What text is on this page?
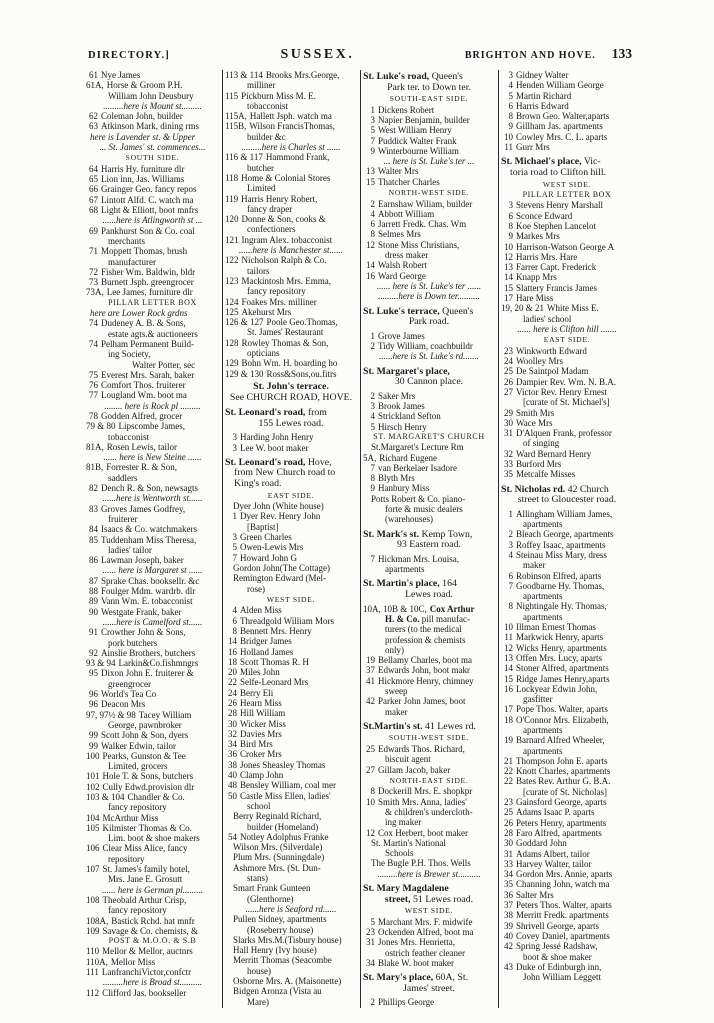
DIRECTORY.]	SUSSEX.	BRIGHTON AND HOVE. 133
61 Nye James
61A, Horse & Groom P.H.
William John Deusbury
.........here is Mount st.........
62 Coleman John, builder
63 Atkinson Mark, dining rms
here is Lavender st. & Upper
... St. James' st. commences...
SOUTH SIDE.
64 Harris Hy. furniture dlr
65 Lion inn, Jas. Williams
66 Grainger Geo. fancy repos
67 Lintott Alfd. C. watch ma
68 Light & Elliott, boot mnfrs
......here is Atlingworth st ...
69 Pankhurst Son & Co. coal
merchants
71 Moppett Thomas, brush
manufacturer
72 Fisher Wm. Baldwin, bldr
73 Burnett Jsph. greengrocer
73A, Lee James, furniture dlr
PILLAR LETTER BOX
here are Lower Rock grdns
74 Dudeney A. B. & Sons,
estate agts.& auctioneers
74 Pelham Permanent Build-
ing Society,
Walter Potter, sec
75 Everest Mrs. Sarah, baker
76 Comfort Thos. fruiterer
77 Lougland Wm. boot ma
........ here is Rock pl .........
78 Godden Alfred, grocer
79 & 80 Lipscombe James,
tobacconist
81A, Rosen Lewis, tailor
...... here is New Steine ......
81B, Forrester R. & Son,
saddlers
82 Dench R. & Son, newsagts
......here is Wentworth st......
83 Groves James Godfrey,
fruiterer
84 Isaacs & Co. watchmakers
85 Tuddenham Miss Theresa,
ladies' tailor
86 Lawman Joseph, baker
...... here is Margaret st ......
87 Sprake Chas. booksellr. &c
88 Foulger Mdm. wardrb. dlr
89 Vann Wm. E. tobacconist
90 Westgate Frank, baker
......here is Camelford st......
91 Crowther John & Sons,
pork butchers
92 Ainslie Brothers, butchers
93 & 94 Larkin&Co.fishmngrs
95 Dixon John E. fruiterer &
greengrocer
96 World's Tea Co
96 Deacon Mrs
97, 97½ & 98 Tacey William
George, pawnbroker
99 Scott John & Son, dyers
99 Walker Edwin, tailor
100 Pearks, Gunston & Tee
Limited, grocers
101 Hole T. & Sons, butchers
102 Cully Edwd.provision dlr
103 & 104 Chandler & Co.
fancy repository
104 McArthur Miss
105 Kilmister Thomas & Co.
Lim. boot & shoe makers
106 Clear Miss Alice, fancy
repository
107 St. James's family hotel,
Mrs. Jane E. Grosutt
...... here is German pl.........
108 Theobald Arthur Crisp,
fancy repository
108A, Bastick Rchd. hat mnfr
109 Savage & Co. chemists, &
POST & M.O.O. & S.B
110 Mellor & Mellor, auctnrs
110A, Mellor Miss
111 LanfranchiVictor,confctr
.........here is Broad st..........
112 Clifford Jas. bookseller
113 & 114 Brooks Mrs.George,
milliner
115 Pickburn Miss M. E.
tobacconist
115A, Hallett Jsph. watch ma
115B, Wilson FrancisThomas,
builder &c
.........here is Charles st ......
116 & 117 Hammond Frank,
butcher
118 Home & Colonial Stores
Limited
119 Harris Henry Robert,
fancy draper
120 Donne & Son, cooks &
confectioners
121 Ingram Alex. tobacconist
......here is Manchester st......
122 Nicholson Ralph & Co.
tailors
123 Mackintosh Mrs. Emma,
fancy repository
124 Foakes Mrs. milliner
125 Akehurst Mrs
126 & 127 Poole Geo.Thomas,
St. James' Restaurant
128 Rowley Thomas & Son,
opticians
129 Bohn Wm. H. boarding ho
129 & 130 Ross&Sons,ou.fitrs
St. John's terrace.
See CHURCH ROAD, HOVE.
St. Leonard's road, from
155 Lewes road.
3 Harding John Henry
3 Lee W. boot maker
St. Leonard's road, Hove,
from New Church road to
King's road.
EAST SIDE.
Dyer John (White house)
1 Dyer Rev. Henry John
[Baptist]
3 Green Charles
5 Owen-Lewis Mrs
7 Howard John G
Gordon John(The Cottage)
Remington Edward (Mel-
rose)
WEST SIDE.
4 Alden Miss
6 Threadgold William Mors
8 Bennett Mrs. Henry
14 Bridger James
16 Holland James
18 Scott Thomas R. H
20 Miles John
22 Selfe-Leonard Mrs
24 Berry Eli
26 Hearn Miss
28 Hill William
30 Wicker Miss
32 Davies Mrs
34 Bird Mrs
36 Croker Mrs
38 Jones Sheasley Thomas
40 Clamp John
48 Bensley William, coal mer
50 Castle Miss Ellen, ladies'
school
Berry Reginald Richard,
builder (Homeland)
54 Notley Adolphus Franke
Wilson Mrs. (Silverdale)
Plum Mrs. (Sunningdale)
Ashmore Mrs. (St. Dun-
stans)
Smart Frank Gunteen
(Glenthorne)
......here is Seaford rd......
Pullen Sidney, apartments
(Roseberry house)
Slarks Mrs.M.(Tisbury house)
Hall Henry (Ivy house)
Merritt Thomas (Seacombe
house)
Osborne Mrs. A. (Maisonette)
Bidgen Aronza (Vista au
Mare)
St. Luke's road, Queen's
Park ter. to Down ter.
SOUTH-EAST SIDE.
1 Dickens Robert
3 Napier Benjamin, builder
5 West William Henry
7 Puddick Walter Frank
9 Winterbourne William
... here is St. Luke's ter ...
13 Walter Mrs
15 Thatcher Charles
NORTH-WEST SIDE.
2 Earnshaw Wiliam, builder
4 Abbott William
6 Jarrett Fredk. Chas. Wm
8 Selmes Mrs
12 Stone Miss Christians,
dress maker
14 Walsh Robert
16 Ward George
...... here is St. Luke's ter ......
.........here is Down ter..........
St. Luke's terrace, Queen's
Park road.
1 Grove James
2 Tidy William, coachbuildr
......here is St. Luke's rd.......
St. Margaret's place,
30 Cannon place.
2 Saker Mrs
3 Brook James
4 Strickland Sefton
5 Hirsch Henry
ST. MARGARET'S CHURCH
St.Margaret's Lecture Rm
5A, Richard Eugene
7 van Berkelaer Isadore
8 Blyth Mrs
9 Hanbury Miss
Potts Robert & Co. piano-
forte & music dealers
(warehouses)
St. Mark's st. Kemp Town,
93 Eastern road.
7 Hickman Mrs. Louisa,
apartments
St. Martin's place, 164
Lewes road.
10A, 10B & 10C, Cox Arthur
H. & Co. pill manufac-
turers (to the medical
profession & chemists
only)
19 Bellamy Charles, boot ma
37 Edwards John, boot makr
41 Hickmore Henry, chimney
sweep
42 Parker John James, boot
maker
St.Martin's st. 41 Lewes rd.
SOUTH-WEST SIDE.
25 Edwards Thos. Richard,
biscuit agent
27 Gillam Jacob, baker
NORTH-EAST SIDE.
8 Dockerill Mrs. E. shopkpr
10 Smith Mrs. Anna, ladies'
& children's undercloth-
ing maker
12 Cox Herbert, boot maker
St. Martin's National
Schools
The Bugle P.H. Thos. Wells
.........here is Brewer st..........
St. Mary Magdalene
street, 51 Lewes road.
WEST SIDE.
5 Marchant Mrs. F. midwife
23 Ockenden Alfred, boot ma
31 Jones Mrs. Henrietta,
ostrich feather cleaner
34 Blake W. boot maker
St. Mary's place, 60A, St.
James' street.
2 Phillips George
3 Gidney Walter
4 Henden William George
5 Martin Richard
6 Harris Edward
8 Brown Geo. Walter,aparts
9 Gillham Jas. apartments
10 Cowley Mrs. C. L. aparts
11 Gurr Mrs
St. Michael's place, Vic-
toria road to Clifton hill.
WEST SIDE.
PILLAR LETTER BOX
3 Stevens Henry Marshall
6 Sconce Edward
8 Koe Stephen Lancelot
9 Markes Mrs
10 Harrison-Watson George A
12 Harris Mrs. Hare
13 Farrer Capt. Frederick
14 Knapp Mrs
15 Slattery Francis James
17 Hare Miss
19, 20 & 21 White Miss E.
ladies' school
...... here is Clifton hill .......
EAST SIDE.
23 Winkworth Edward
24 Woolley Mrs
25 De Saintpol Madam
26 Dampier Rev. Wm. N. B.A.
27 Victor Rev. Henry Ernest
[curate of St. Michael's]
29 Smith Mrs
30 Wace Mrs
31 D'Alquen Frank, professor
of singing
32 Ward Bernard Henry
33 Burford Mrs
35 Metcalfe Misses
St. Nicholas rd. 42 Church
street to Gloucester road.
1 Allingham William James,
apartments
2 Bleach George, apartments
3 Roffey Isaac, apartments
4 Steinau Miss Mary, dress
maker
6 Robinson Elfred, aparts
7 Goodbarne Hy. Thomas,
apartments
8 Nightingale Hy. Thomas,
apartments
10 Illman Ernest Thomas
11 Markwick Henry, aparts
12 Wicks Henry, apartments
13 Offen Mrs. Lucy, aparts
14 Stoner Alfred, apartments
15 Ridge James Henry,aparts
16 Lockyear Edwin John,
gasfitter
17 Pope Thos. Walter, aparts
18 O'Connor Mrs. Elizabeth,
apartments
19 Barnard Alfred Wheeler,
apartments
21 Thompson John E. aparts
22 Knott Charles, apartments
22 Bates Rev. Arthur G. B.A.
[curate of St. Nicholas]
23 Gainsford George, aparts
25 Adams Isaac P. aparts
26 Peters Henry, apartments
28 Faro Alfred, apartments
30 Goddard John
31 Adams Albert, tailor
33 Harvey Walter, tailor
34 Gordon Mrs. Annie, aparts
35 Channing John, watch ma
36 Salter Mrs
37 Peters Thos. Walter, aparts
38 Merritt Fredk. apartments
39 Shrivell George, aparts
40 Covey Daniel, apartments
42 Spring Jessé Radshaw,
boot & shoe maker
43 Duke of Edinburgh inn,
John William Leggett
